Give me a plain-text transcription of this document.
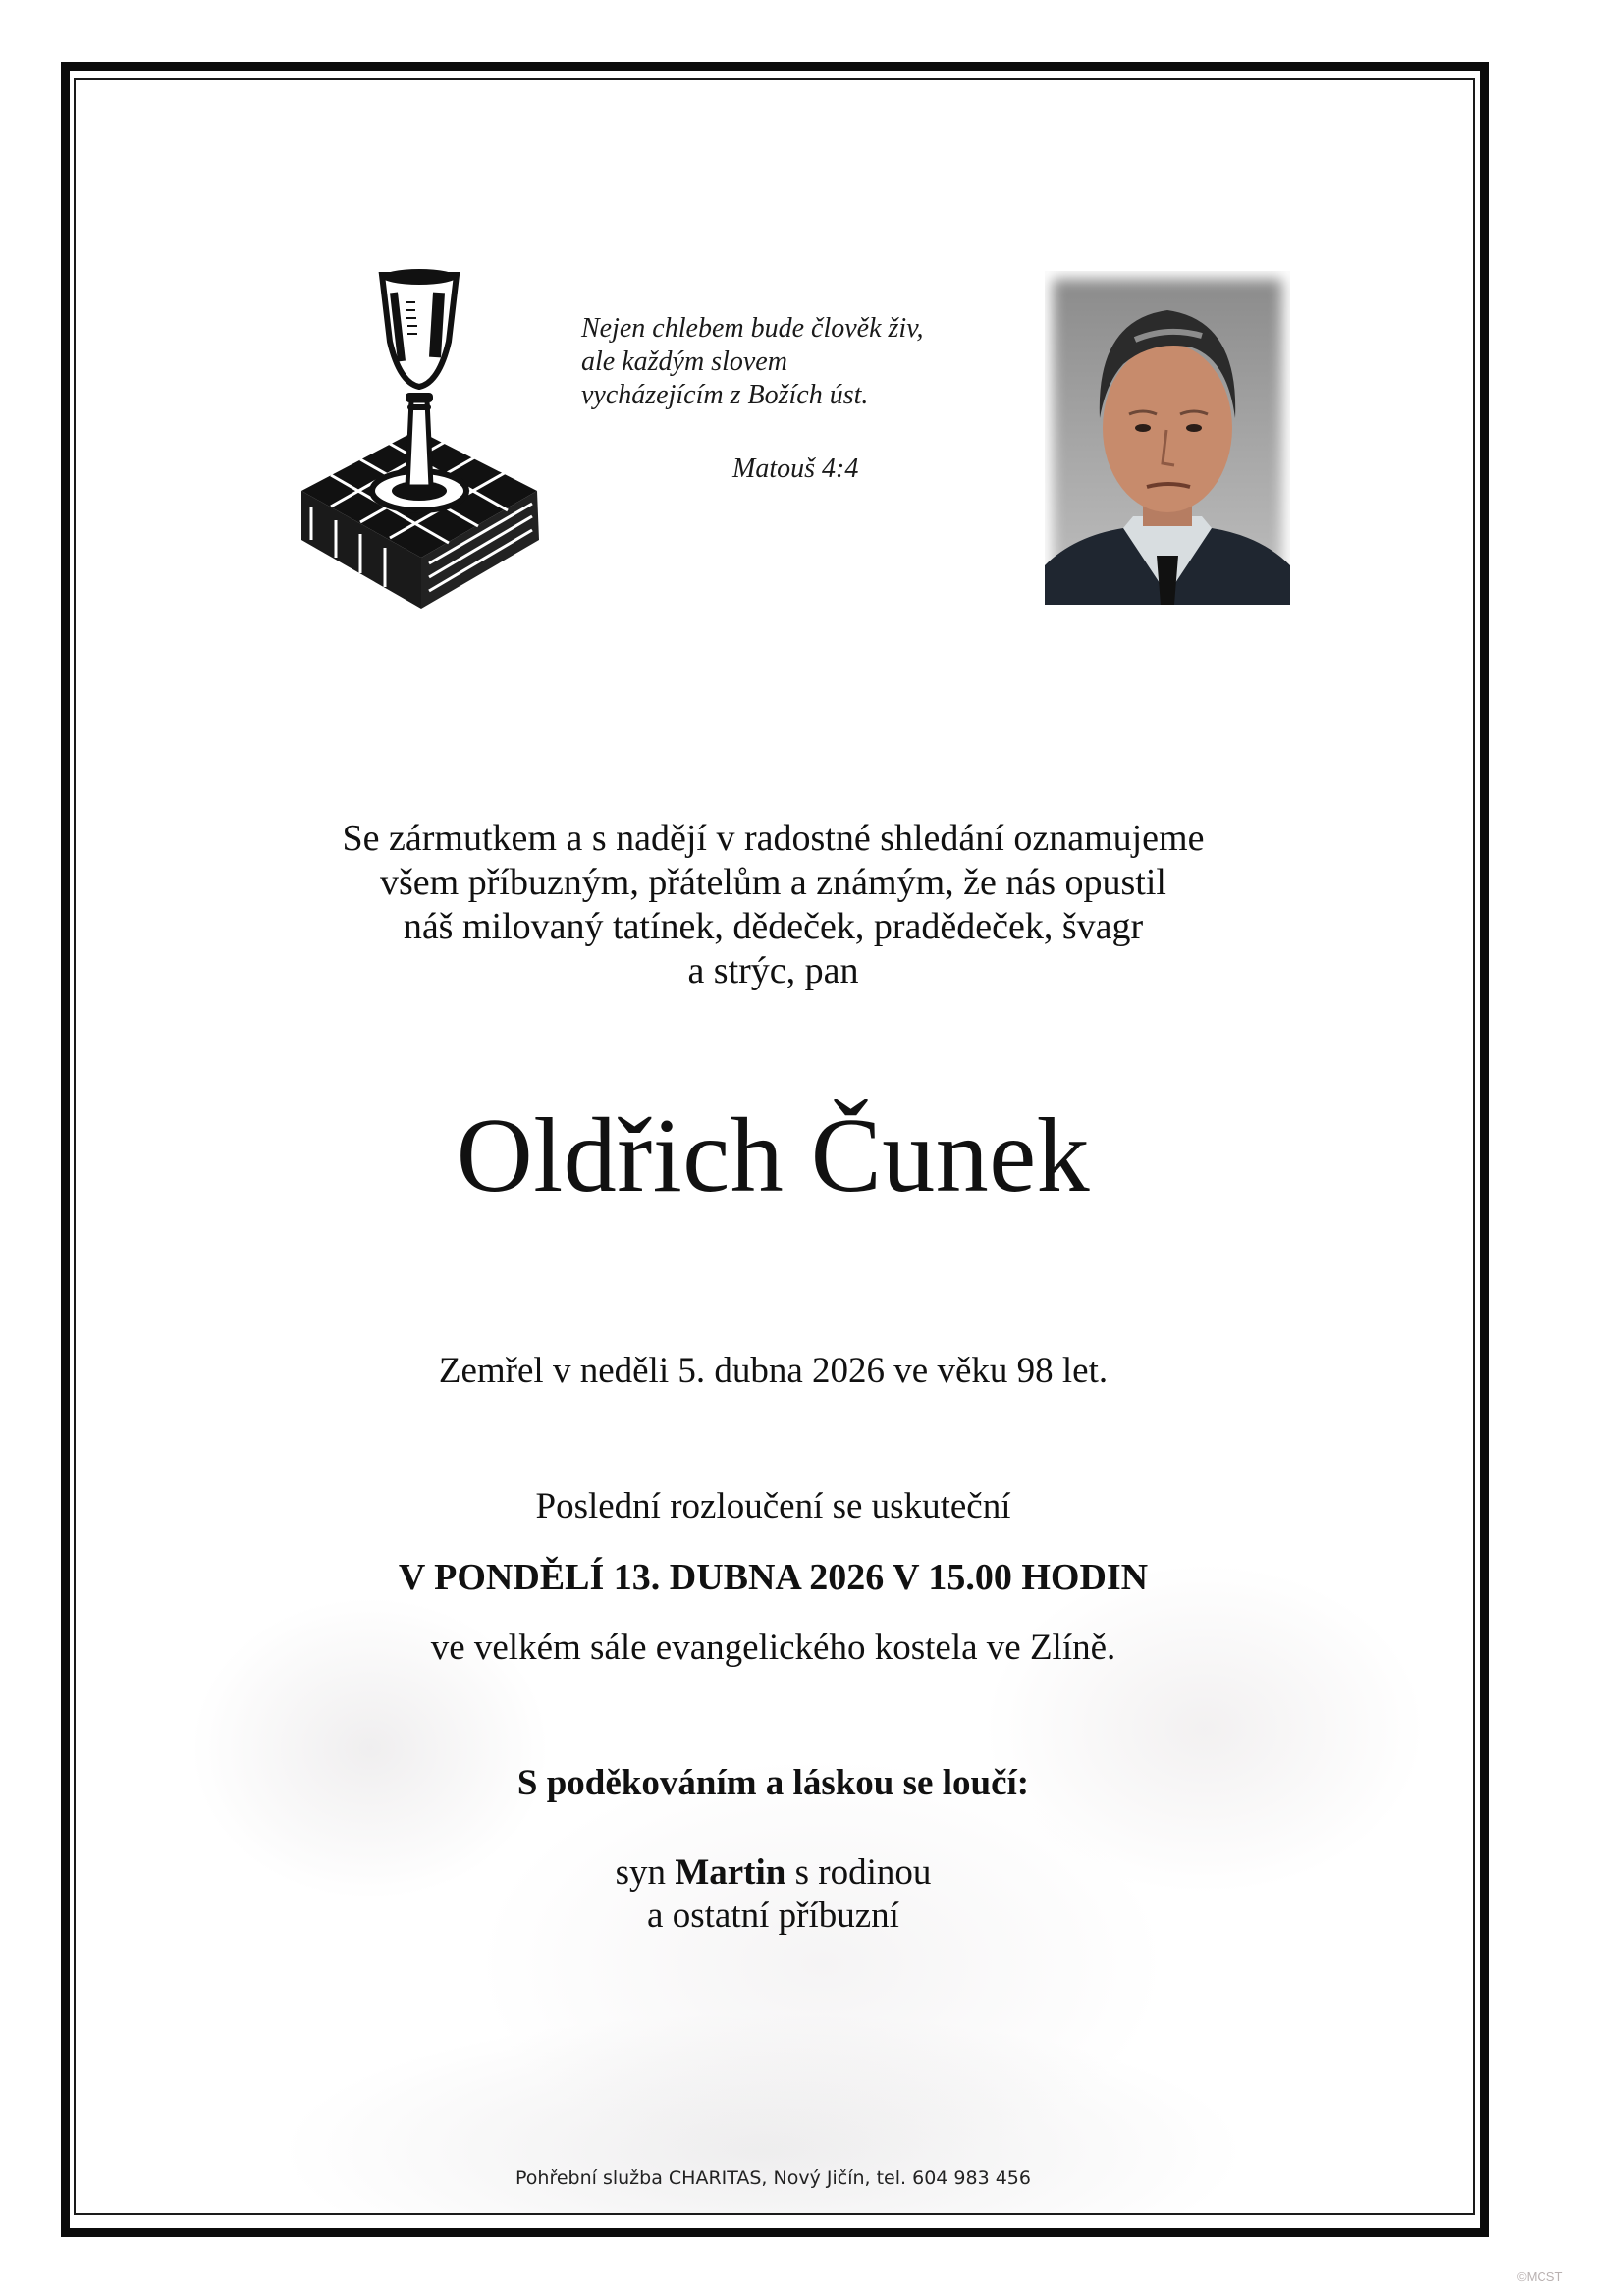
Nejen chlebem bude člověk živ,
ale každým slovem
vycházejícím z Božích úst.
Matouš 4:4
Se zármutkem a s nadějí v radostné shledání oznamujeme
všem příbuzným, přátelům a známým, že nás opustil
náš milovaný tatínek, dědeček, pradědeček, švagr
a strýc, pan
Oldřich Čunek
Zemřel v neděli 5. dubna 2026 ve věku 98 let.
Poslední rozloučení se uskuteční
V PONDĚLÍ 13. DUBNA 2026 V 15.00 HODIN
ve velkém sále evangelického kostela ve Zlíně.
S poděkováním a láskou se loučí:
syn Martin s rodinou
a ostatní příbuzní
Pohřební služba CHARITAS, Nový Jičín, tel. 604 983 456
©MCST
